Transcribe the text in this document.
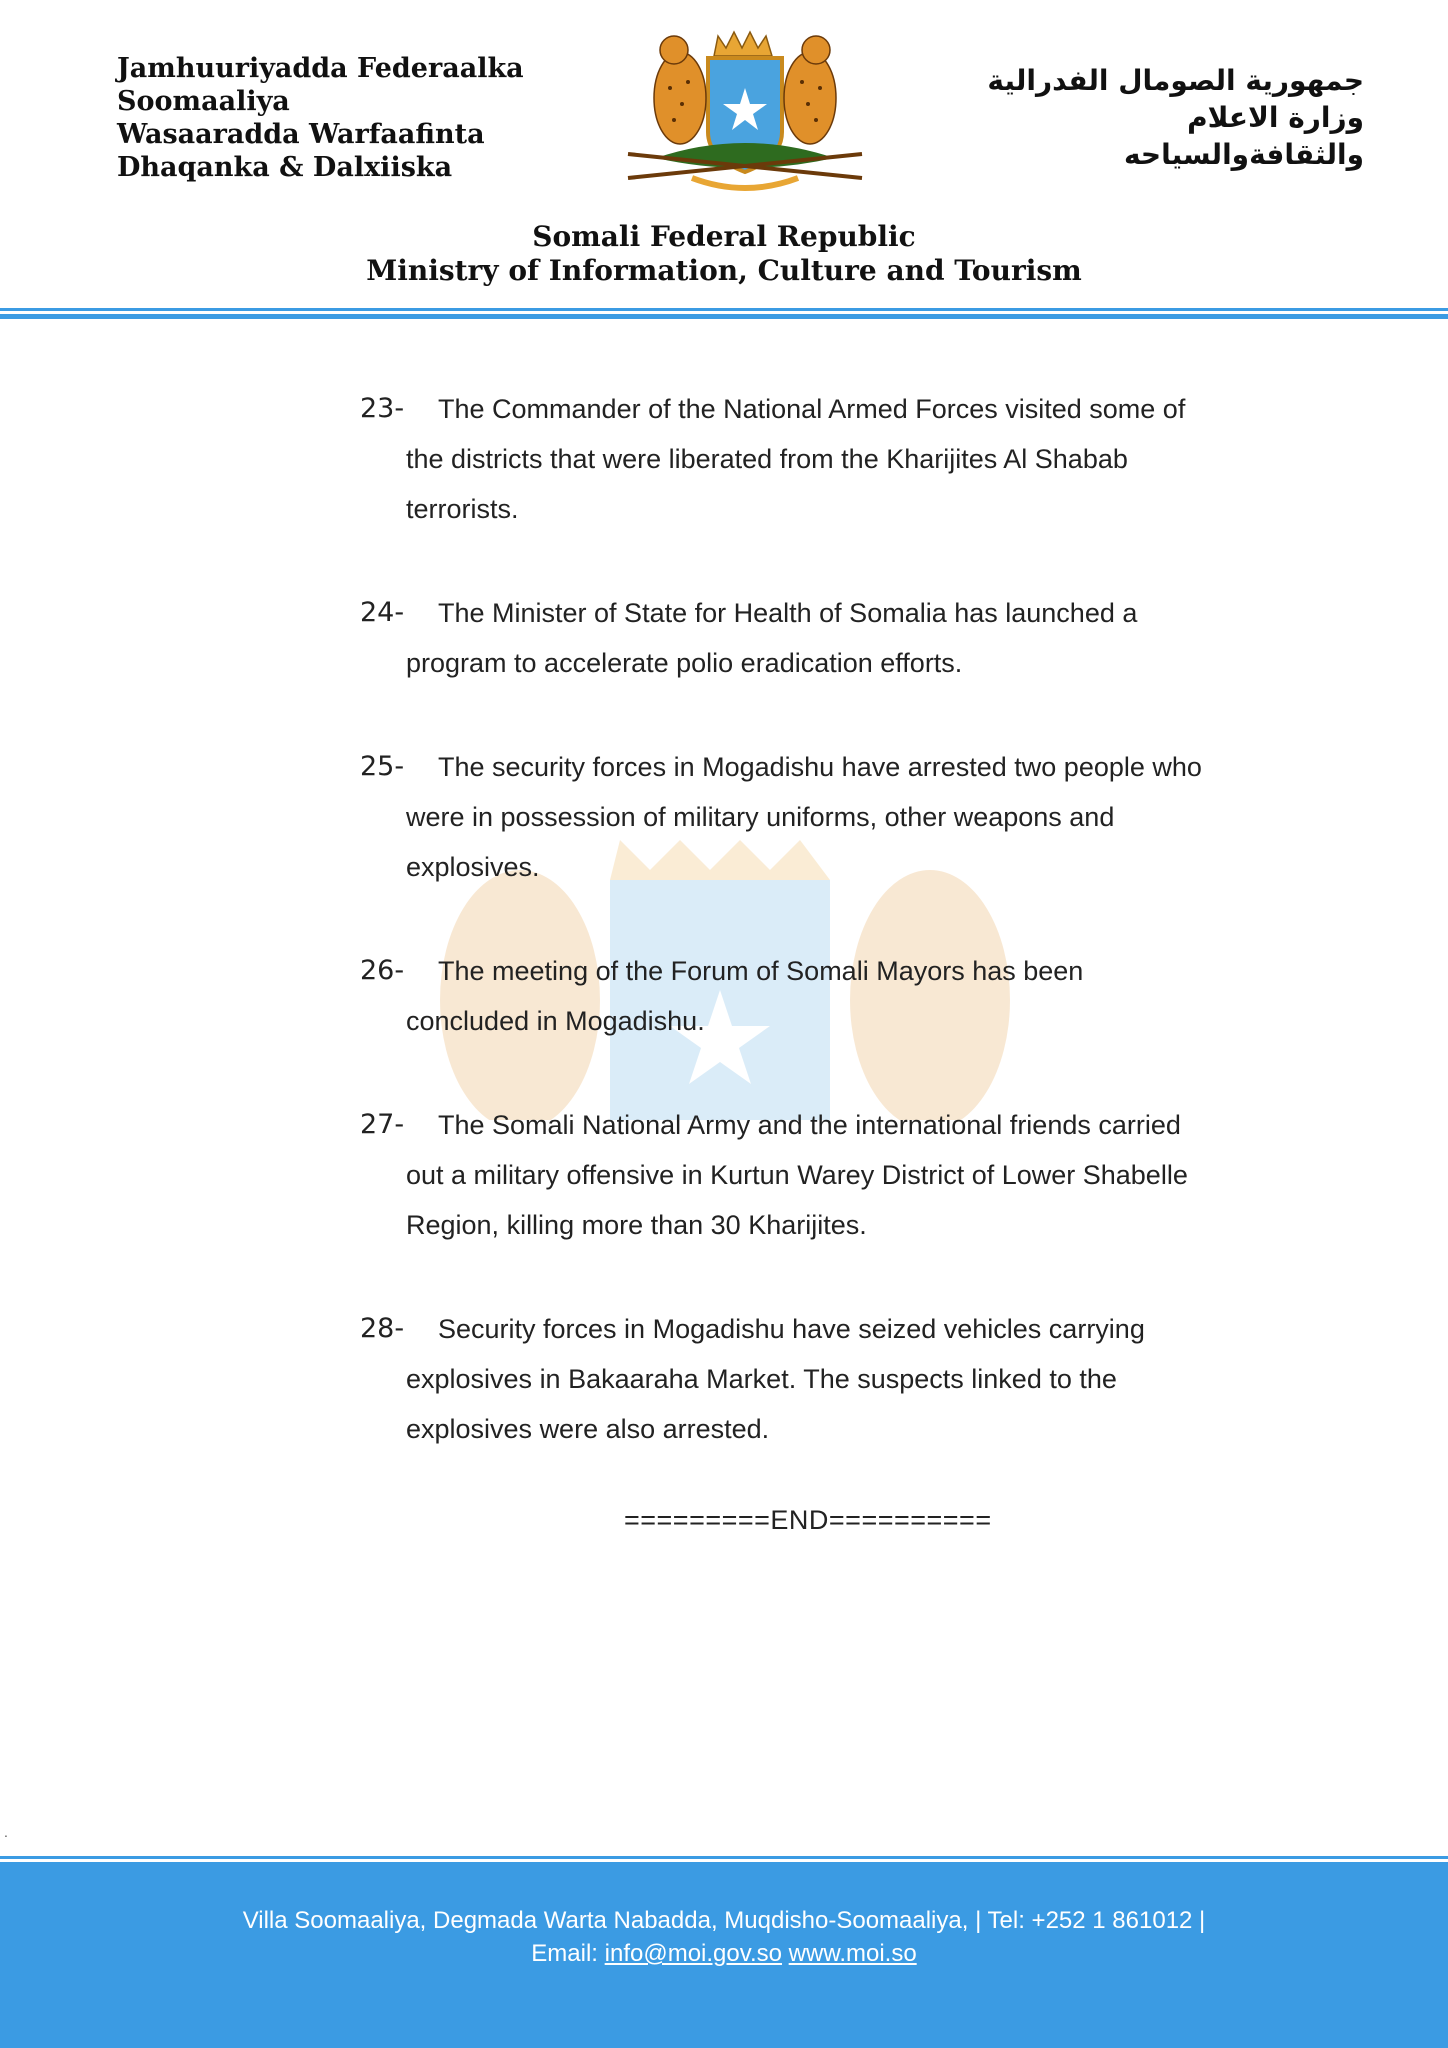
Jamhuuriyadda Federaalka
Soomaaliya
Wasaaradda Warfaafinta
Dhaqanka & Dalxiiska
جمهورية الصومال الفدرالية
وزارة الاعلام
والثقافةوالسياحه
Somali Federal Republic
Ministry of Information, Culture and Tourism
23-	The Commander of the National Armed Forces visited some of
the districts that were liberated from the Kharijites Al Shabab
terrorists.
24-	The Minister of State for Health of Somalia has launched a
program to accelerate polio eradication efforts.
25-	The security forces in Mogadishu have arrested two people who
were in possession of military uniforms, other weapons and
explosives.
26-	The meeting of the Forum of Somali Mayors has been
concluded in Mogadishu.
27-	The Somali National Army and the international friends carried
out a military offensive in Kurtun Warey District of Lower Shabelle
Region, killing more than 30 Kharijites.
28-	Security forces in Mogadishu have seized vehicles carrying
explosives in Bakaaraha Market. The suspects linked to the
explosives were also arrested.
=========END==========
.
Villa Soomaaliya, Degmada Warta Nabadda, Muqdisho-Soomaaliya, | Tel: +252 1 861012 |
Email: info@moi.gov.so www.moi.so
